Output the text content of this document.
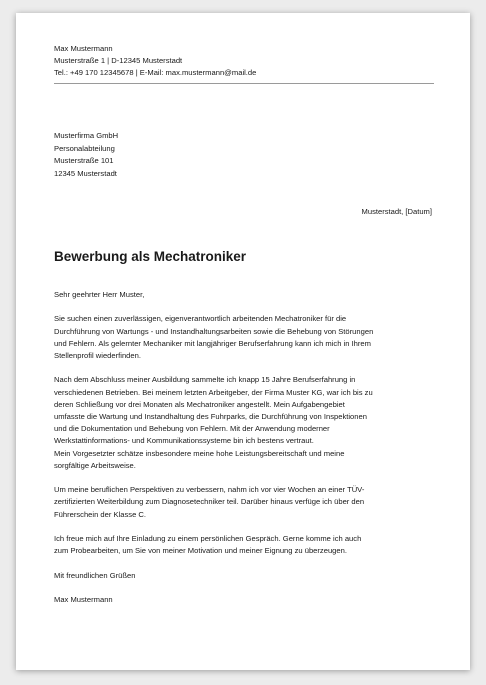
Max Mustermann
Musterstraße 1 | D-12345 Musterstadt
Tel.: +49 170 12345678 | E-Mail: max.mustermann@mail.de
Musterfirma GmbH
Personalabteilung
Musterstraße 101
12345 Musterstadt
Musterstadt, [Datum]
Bewerbung als Mechatroniker

Sehr geehrter Herr Muster,

Sie suchen einen zuverlässigen, eigenverantwortlich arbeitenden Mechatroniker für die
Durchführung von Wartungs - und Instandhaltungsarbeiten sowie die Behebung von Störungen
und Fehlern. Als gelernter Mechaniker mit langjähriger Berufserfahrung kann ich mich in Ihrem
Stellenprofil wiederfinden.

Nach dem Abschluss meiner Ausbildung sammelte ich knapp 15 Jahre Berufserfahrung in
verschiedenen Betrieben. Bei meinem letzten Arbeitgeber, der Firma Muster KG, war ich bis zu
deren Schließung vor drei Monaten als Mechatroniker angestellt. Mein Aufgabengebiet
umfasste die Wartung und Instandhaltung des Fuhrparks, die Durchführung von Inspektionen
und die Dokumentation und Behebung von Fehlern. Mit der Anwendung moderner
Werkstattinformations- und Kommunikationssysteme bin ich bestens vertraut.
Mein Vorgesetzter schätze insbesondere meine hohe Leistungsbereitschaft und meine
sorgfältige Arbeitsweise.

Um meine beruflichen Perspektiven zu verbessern, nahm ich vor vier Wochen an einer TÜV-
zertifizierten Weiterbildung zum Diagnosetechniker teil. Darüber hinaus verfüge ich über den
Führerschein der Klasse C.

Ich freue mich auf Ihre Einladung zu einem persönlichen Gespräch. Gerne komme ich auch
zum Probearbeiten, um Sie von meiner Motivation und meiner Eignung zu überzeugen.

Mit freundlichen Grüßen

Max Mustermann
